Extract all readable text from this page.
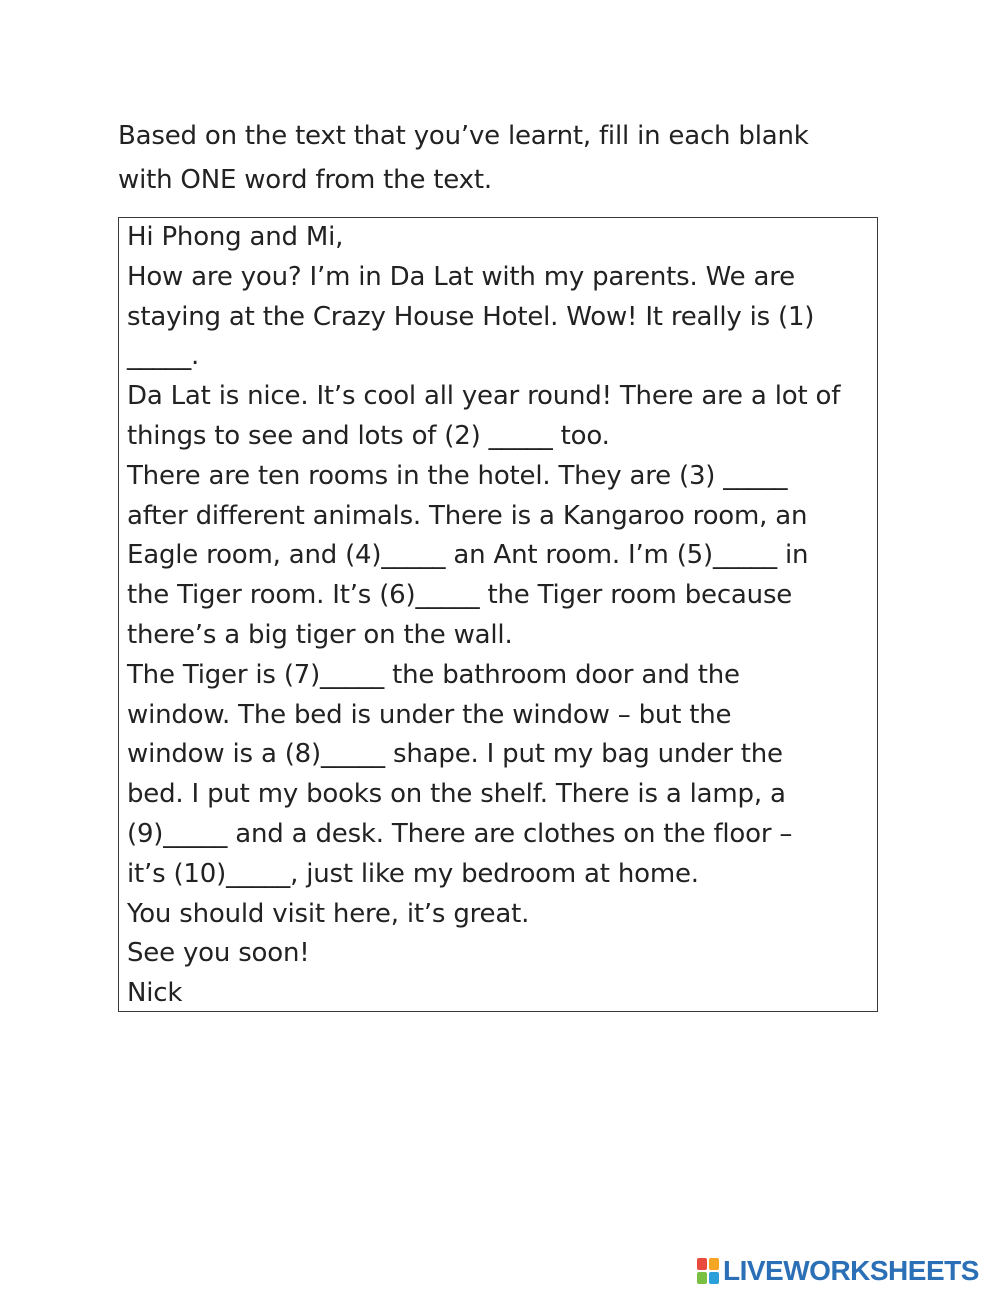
Based on the text that you’ve learnt, fill in each blank
with ONE word from the text.
Hi Phong and Mi,
How are you? I’m in Da Lat with my parents. We are
staying at the Crazy House Hotel. Wow! It really is (1)
_____.
Da Lat is nice. It’s cool all year round! There are a lot of
things to see and lots of (2) _____ too.
There are ten rooms in the hotel. They are (3) _____
after different animals. There is a Kangaroo room, an
Eagle room, and (4)_____ an Ant room. I’m (5)_____ in
the Tiger room. It’s (6)_____ the Tiger room because
there’s a big tiger on the wall.
The Tiger is (7)_____ the bathroom door and the
window. The bed is under the window – but the
window is a (8)_____ shape. I put my bag under the
bed. I put my books on the shelf. There is a lamp, a
(9)_____ and a desk. There are clothes on the floor –
it’s (10)_____, just like my bedroom at home.
You should visit here, it’s great.
See you soon!
Nick
LIVEWORKSHEETS
